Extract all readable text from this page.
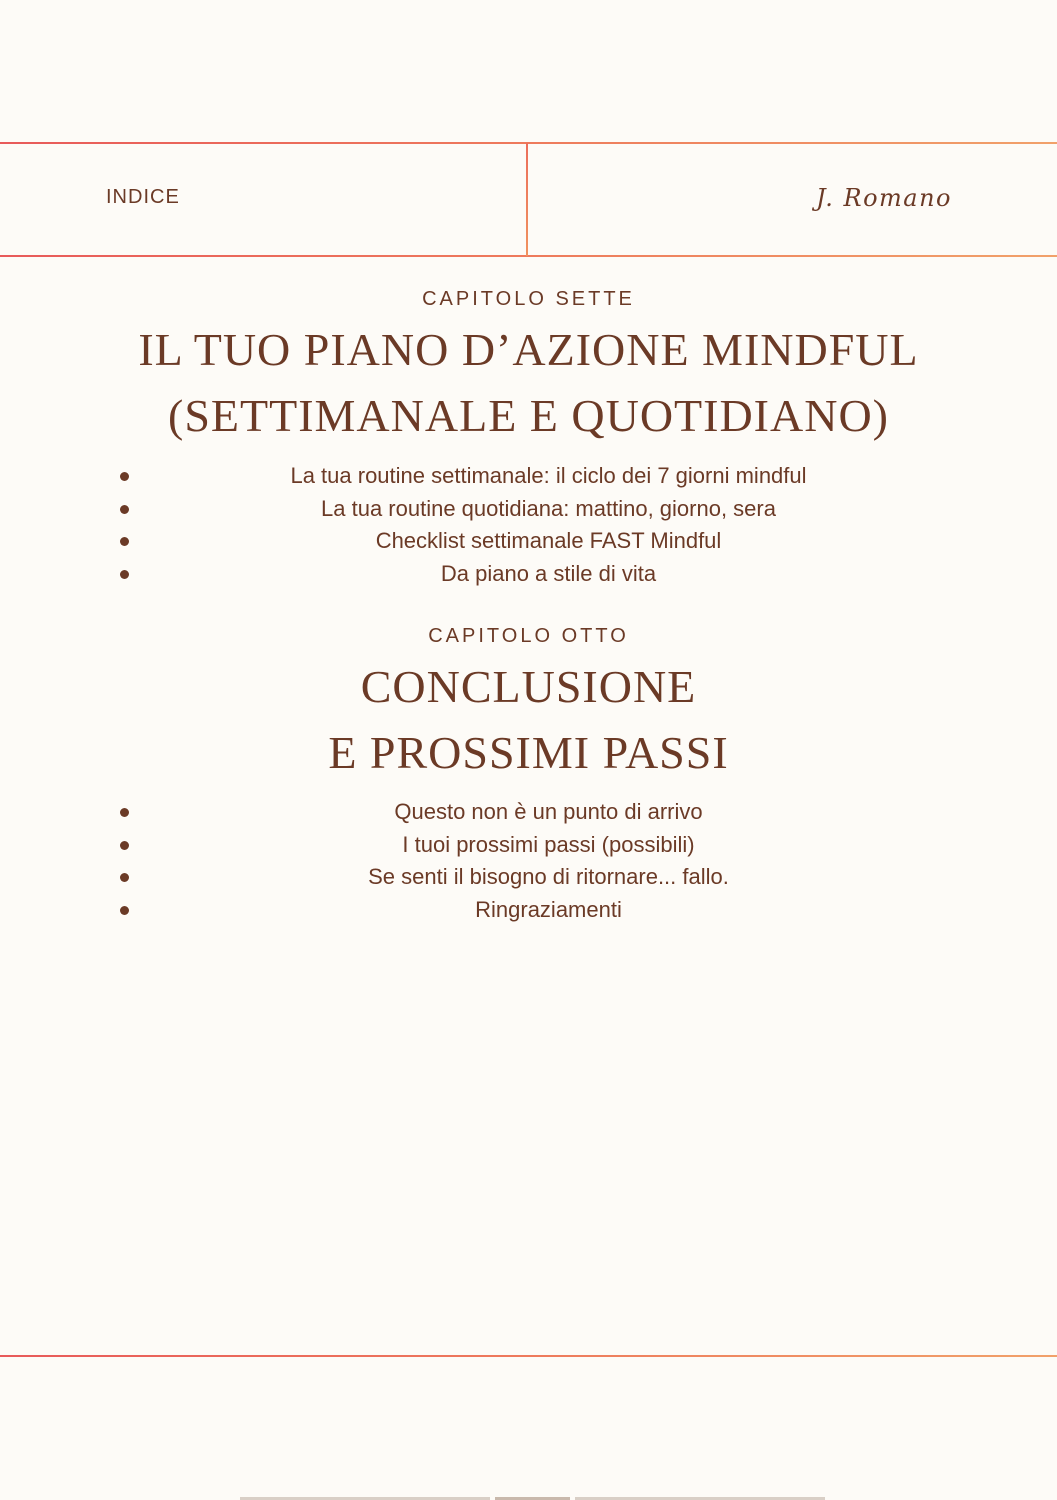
INDICE	J. Romano
CAPITOLO SETTE
IL TUO PIANO D’AZIONE MINDFUL
(SETTIMANALE E QUOTIDIANO)
La tua routine settimanale: il ciclo dei 7 giorni mindful
La tua routine quotidiana: mattino, giorno, sera
Checklist settimanale FAST Mindful
Da piano a stile di vita
CAPITOLO OTTO
CONCLUSIONE
E PROSSIMI PASSI
Questo non è un punto di arrivo
I tuoi prossimi passi (possibili)
Se senti il bisogno di ritornare... fallo.
Ringraziamenti
